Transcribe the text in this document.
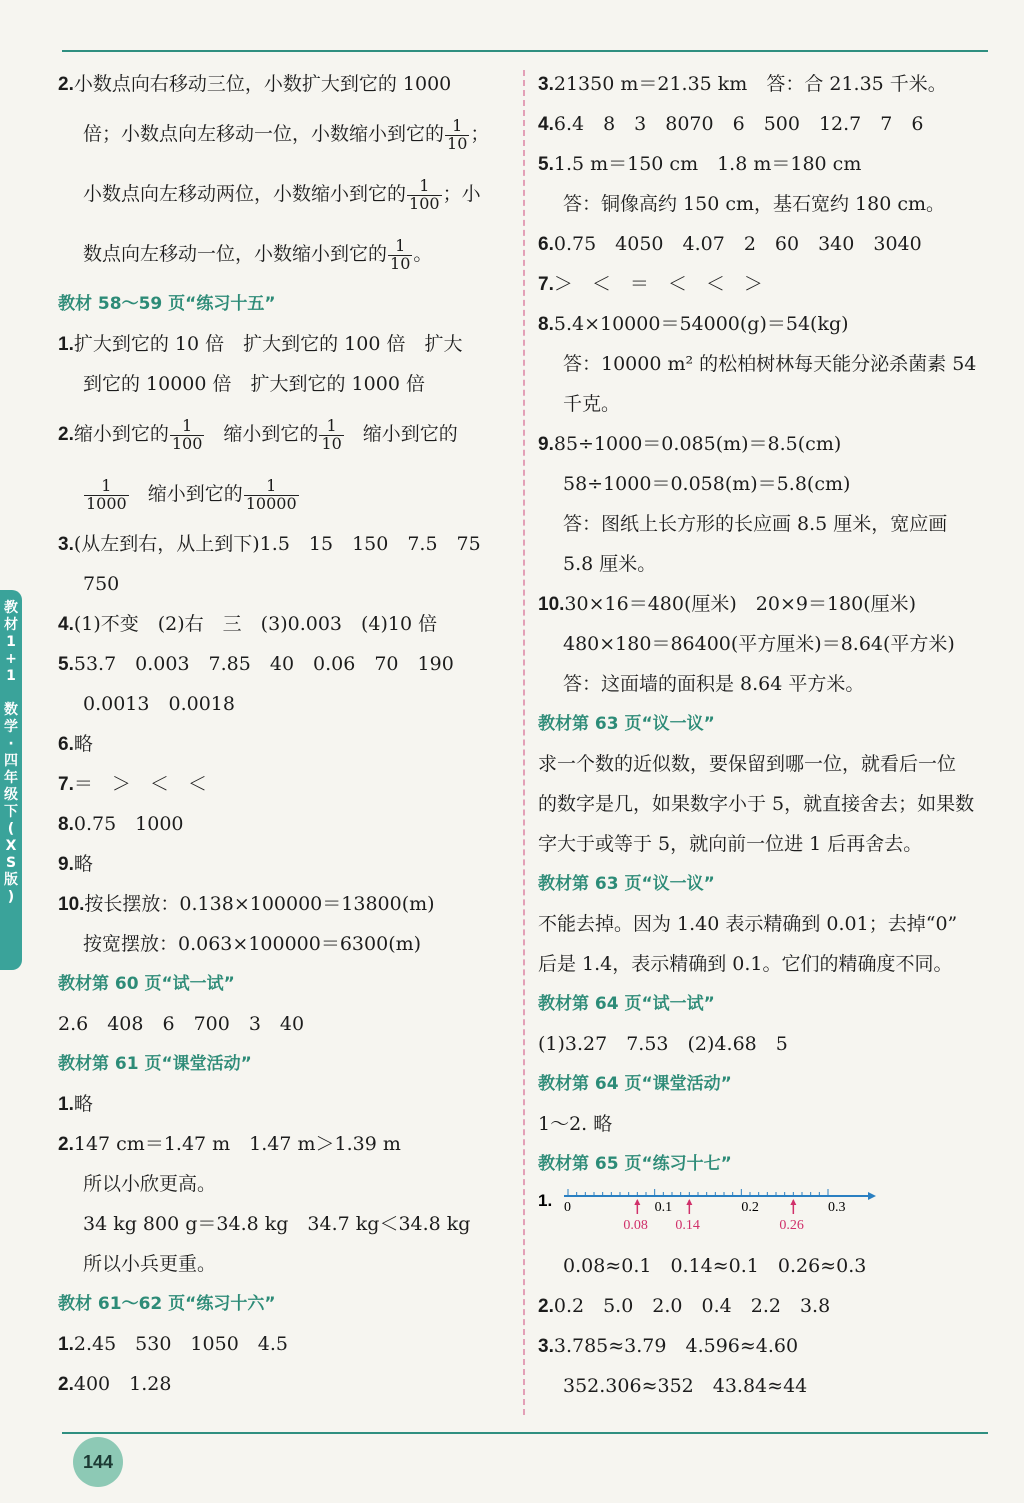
2.小数点向右移动三位，小数扩大到它的 1000
倍；小数点向左移动一位，小数缩小到它的 $\frac{1}{10}$ ；
小数点向左移动两位，小数缩小到它的 $\frac{1}{100}$ ；小
数点向左移动一位，小数缩小到它的 $\frac{1}{10}$ 。
教材 58～59 页“练习十五”
1.扩大到它的 10 倍　扩大到它的 100 倍　扩大
到它的 10000 倍　扩大到它的 1000 倍
2.缩小到它的 $\frac{1}{100}$ 缩小到它的 $\frac{1}{10}$ 缩小到它的
$\frac{1}{1000}$ 缩小到它的 $\frac{1}{10000}$
3.(从左到右，从上到下)1.5　15　150　7.5　75
750
4.(1)不变　(2)右　三　(3)0.003　(4)10 倍
5.53.7　0.003　7.85　40　0.06　70　190
0.0013　0.0018
6.略
7.＝　＞　＜　＜
8.0.75　1000
9.略
10.按长摆放：0.138×100000＝13800(m)
按宽摆放：0.063×100000＝6300(m)
教材第 60 页“试一试”
2.6　408　6　700　3　40
教材第 61 页“课堂活动”
1.略
2.147 cm＝1.47 m　1.47 m＞1.39 m
所以小欣更高。
34 kg 800 g＝34.8 kg　34.7 kg＜34.8 kg
所以小兵更重。
教材 61～62 页“练习十六”
1.2.45　530　1050　4.5
2.400　1.28
3.21350 m＝21.35 km　答：合 21.35 千米。
4.6.4　8　3　8070　6　500　12.7　7　6
5.1.5 m＝150 cm　1.8 m＝180 cm
答：铜像高约 150 cm，基石宽约 180 cm。
6.0.75　4050　4.07　2　60　340　3040
7.＞　＜　＝　＜　＜　＞
8.5.4×10000＝54000(g)＝54(kg)
答：10000 m² 的松柏树林每天能分泌杀菌素 54
千克。
9.85÷1000＝0.085(m)＝8.5(cm)
58÷1000＝0.058(m)＝5.8(cm)
答：图纸上长方形的长应画 8.5 厘米，宽应画
5.8 厘米。
10.30×16＝480(厘米)　20×9＝180(厘米)
480×180＝86400(平方厘米)＝8.64(平方米)
答：这面墙的面积是 8.64 平方米。
教材第 63 页“议一议”
求一个数的近似数，要保留到哪一位，就看后一位
的数字是几，如果数字小于 5，就直接舍去；如果数
字大于或等于 5，就向前一位进 1 后再舍去。
教材第 63 页“议一议”
不能去掉。因为 1.40 表示精确到 0.01；去掉“0”
后是 1.4，表示精确到 0.1。它们的精确度不同。
教材第 64 页“试一试”
(1)3.27　7.53　(2)4.68　5
教材第 64 页“课堂活动”
1～2. 略
教材第 65 页“练习十七”
1. 0	0.1	0.2	0.3
0.08 0.14	0.26
0.08≈0.1　0.14≈0.1　0.26≈0.3
2.0.2　5.0　2.0　0.4　2.2　3.8
3.3.785≈3.79　4.596≈4.60
352.306≈352　43.84≈44
教
材
1
+
1

数
学
·
四
年
级
下
(
X
S
版
)
144
